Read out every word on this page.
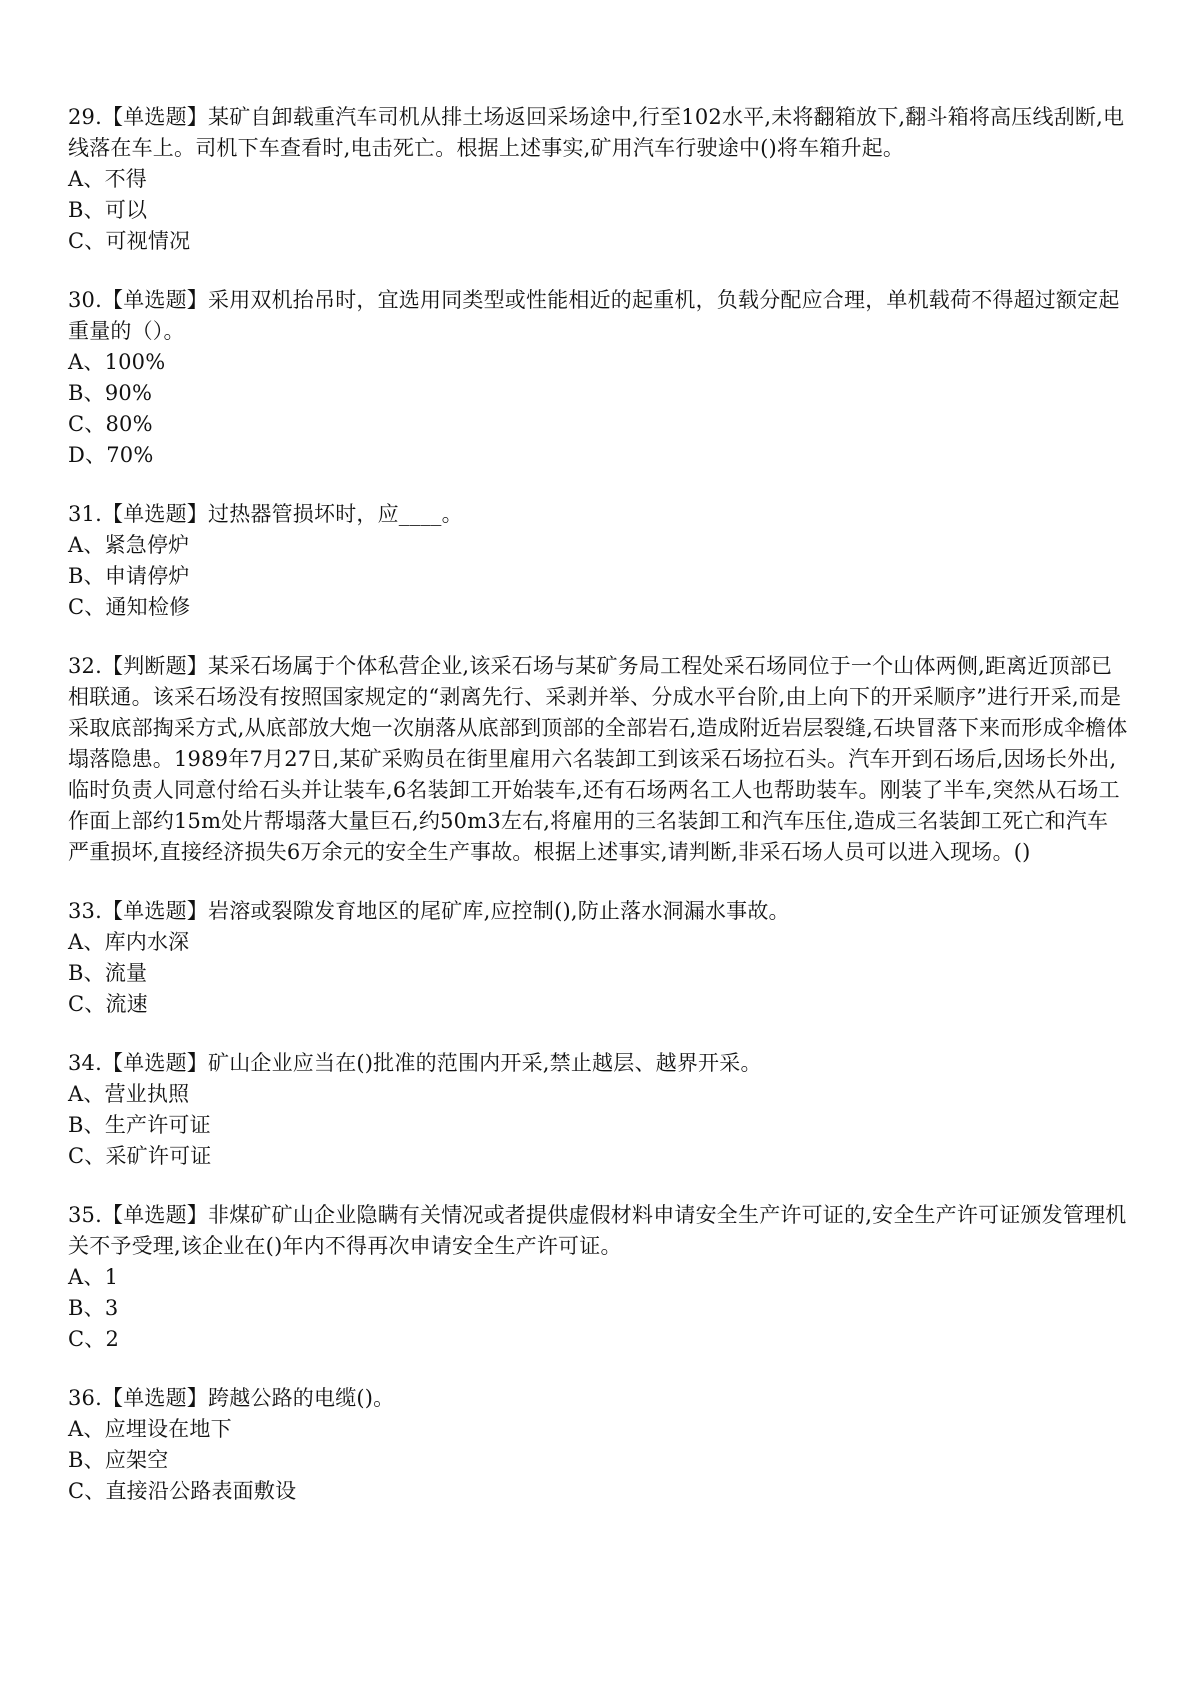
29.【单选题】某矿自卸载重汽车司机从排土场返回采场途中,行至102水平,未将翻箱放下,翻斗箱将高压线刮断,电线落在车上。司机下车查看时,电击死亡。根据上述事实,矿用汽车行驶途中()将车箱升起。

A、不得

B、可以

C、可视情况

30.【单选题】采用双机抬吊时，宜选用同类型或性能相近的起重机，负载分配应合理，单机载荷不得超过额定起重量的（）。

A、100%

B、90%

C、80%

D、70%

31.【单选题】过热器管损坏时，应____。

A、紧急停炉

B、申请停炉

C、通知检修

32.【判断题】某采石场属于个体私营企业,该采石场与某矿务局工程处采石场同位于一个山体两侧,距离近顶部已相联通。该采石场没有按照国家规定的“剥离先行、采剥并举、分成水平台阶,由上向下的开采顺序”进行开采,而是采取底部掏采方式,从底部放大炮一次崩落从底部到顶部的全部岩石,造成附近岩层裂缝,石块冒落下来而形成伞檐体塌落隐患。1989年7月27日,某矿采购员在街里雇用六名装卸工到该采石场拉石头。汽车开到石场后,因场长外出,临时负责人同意付给石头并让装车,6名装卸工开始装车,还有石场两名工人也帮助装车。刚装了半车,突然从石场工作面上部约15m处片帮塌落大量巨石,约50m3左右,将雇用的三名装卸工和汽车压住,造成三名装卸工死亡和汽车严重损坏,直接经济损失6万余元的安全生产事故。根据上述事实,请判断,非采石场人员可以进入现场。()

33.【单选题】岩溶或裂隙发育地区的尾矿库,应控制(),防止落水洞漏水事故。

A、库内水深

B、流量

C、流速

34.【单选题】矿山企业应当在()批准的范围内开采,禁止越层、越界开采。

A、营业执照

B、生产许可证

C、采矿许可证

35.【单选题】非煤矿矿山企业隐瞒有关情况或者提供虚假材料申请安全生产许可证的,安全生产许可证颁发管理机关不予受理,该企业在()年内不得再次申请安全生产许可证。

A、1

B、3

C、2

36.【单选题】跨越公路的电缆()。

A、应埋设在地下

B、应架空

C、直接沿公路表面敷设
